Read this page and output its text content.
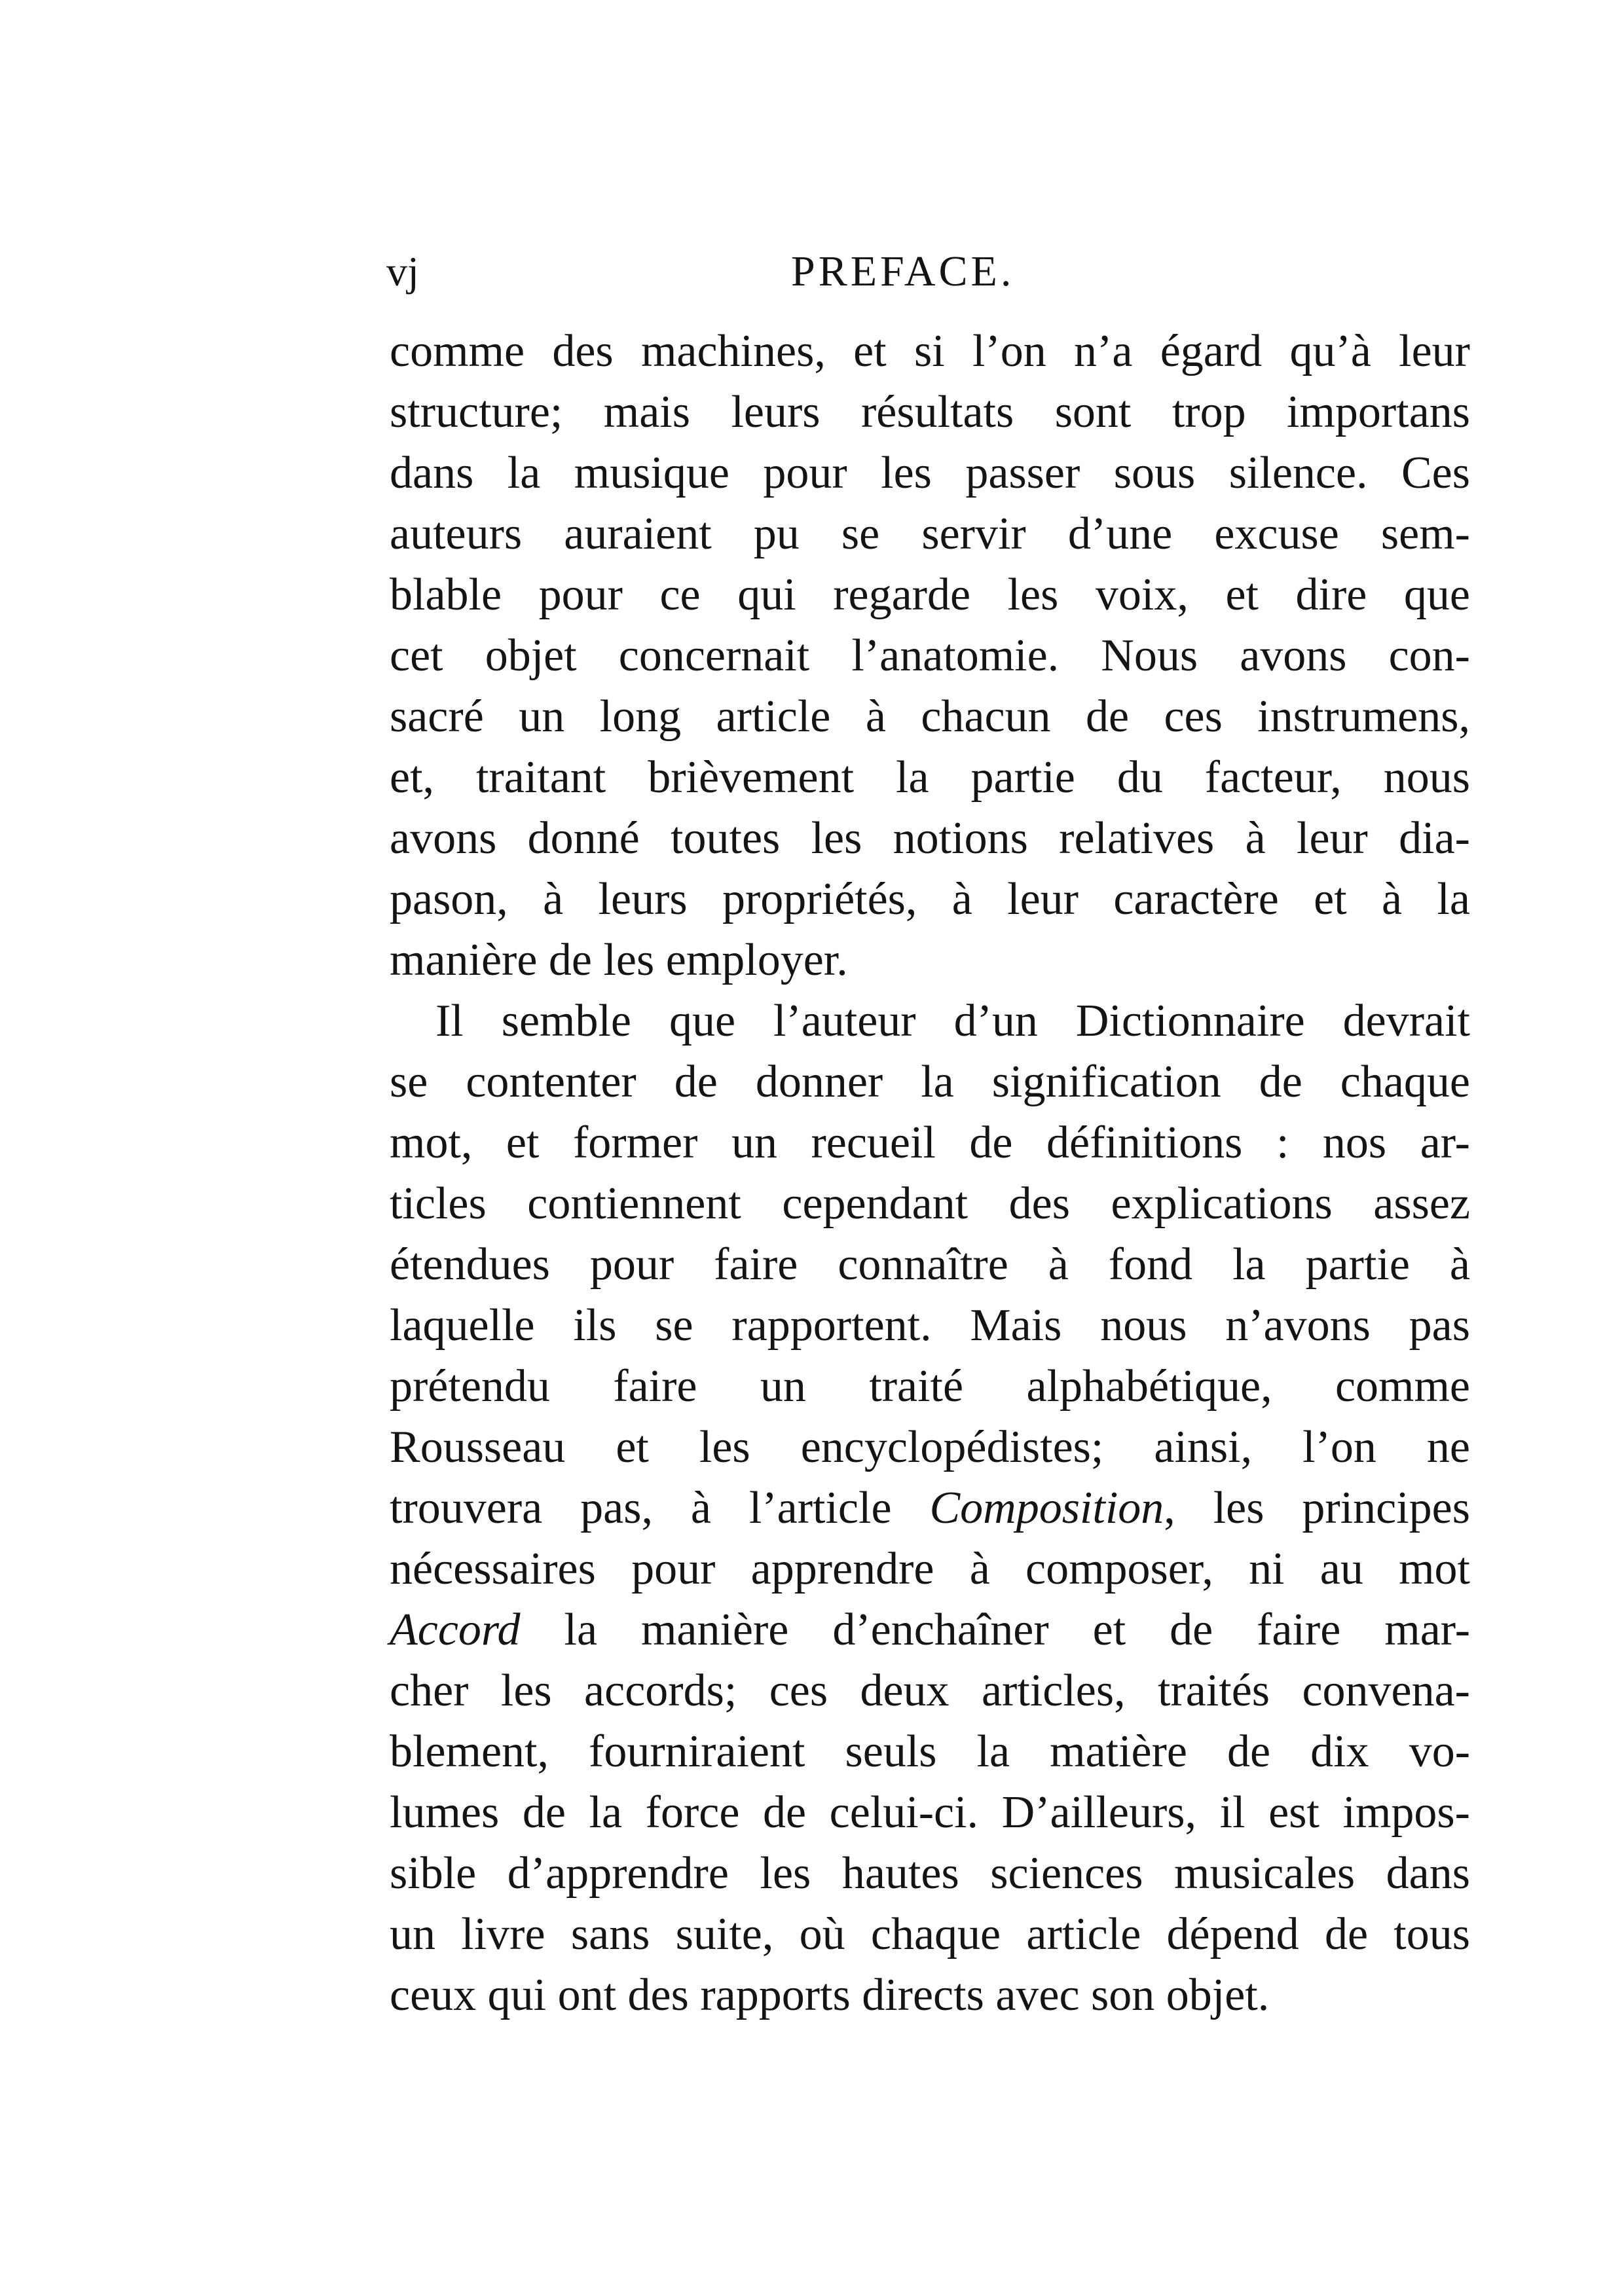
vj	PREFACE.
comme des machines, et si l’on n’a égard qu’à leur
structure; mais leurs résultats sont trop importans
dans la musique pour les passer sous silence. Ces
auteurs auraient pu se servir d’une excuse sem-
blable pour ce qui regarde les voix, et dire que
cet objet concernait l’anatomie. Nous avons con-
sacré un long article à chacun de ces instrumens,
et, traitant brièvement la partie du facteur, nous
avons donné toutes les notions relatives à leur dia-
pason, à leurs propriétés, à leur caractère et à la
manière de les employer.
Il semble que l’auteur d’un Dictionnaire devrait
se contenter de donner la signification de chaque
mot, et former un recueil de définitions : nos ar-
ticles contiennent cependant des explications assez
étendues pour faire connaître à fond la partie à
laquelle ils se rapportent. Mais nous n’avons pas
prétendu faire un traité alphabétique, comme
Rousseau et les encyclopédistes; ainsi, l’on ne
trouvera pas, à l’article Composition, les principes
nécessaires pour apprendre à composer, ni au mot
Accord la manière d’enchaîner et de faire mar-
cher les accords; ces deux articles, traités convena-
blement, fourniraient seuls la matière de dix vo-
lumes de la force de celui-ci. D’ailleurs, il est impos-
sible d’apprendre les hautes sciences musicales dans
un livre sans suite, où chaque article dépend de tous
ceux qui ont des rapports directs avec son objet.
